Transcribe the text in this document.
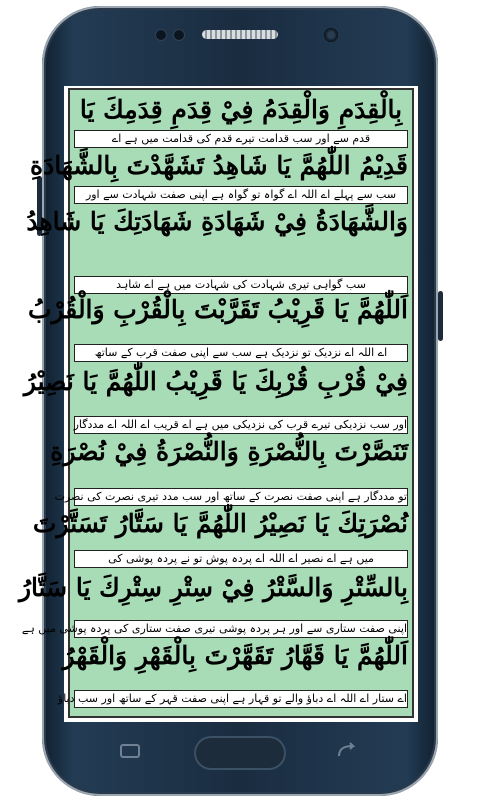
بِالْقِدَمِ وَالْقِدَمُ فِيْ قِدَمِ قِدَمِكَ يَا
قدم سے اور سب قدامت تیرے قدم کی قدامت میں ہے اے
قَدِيْمُ اللّٰهُمَّ يَا شَاهِدُ تَشَهَّدْتَ بِالشَّهَادَةِ
سب سے پہلے اے اللہ اے گواہ تو گواہ ہے اپنی صفت شہادت سے اور
وَالشَّهَادَةُ فِيْ شَهَادَةِ شَهَادَتِكَ يَا شَاهِدُ
سب گواہی تیری شہادت کی شہادت میں ہے اے شاہد
اَللّٰهُمَّ يَا قَرِيْبُ تَقَرَّبْتَ بِالْقُرْبِ وَالْقُرْبُ
اے اللہ اے نزدیک تو نزدیک ہے سب سے اپنی صفت قرب کے ساتھ
فِيْ قُرْبِ قُرْبِكَ يَا قَرِيْبُ اللّٰهُمَّ يَا نَصِيْرُ
اور سب نزدیکی تیرے قرب کی نزدیکی میں ہے اے قریب اے اللہ اے مددگار
تَنَصَّرْتَ بِالنُّصْرَةِ وَالنُّصْرَةُ فِيْ نُصْرَةِ
تو مددگار ہے اپنی صفت نصرت کے ساتھ اور سب مدد تیری نصرت کی نصرت
نُصْرَتِكَ يَا نَصِيْرُ اللّٰهُمَّ يَا سَتَّارُ تَسَتَّرْتَ
میں ہے اے نصیر اے اللہ اے پردہ پوش تو نے پردہ پوشی کی
بِالسِّتْرِ وَالسَّتْرُ فِيْ سِتْرِ سِتْرِكَ يَا سَتَّارُ
اپنی صفت ستاری سے اور ہر پردہ پوشی تیری صفت ستاری کی پردہ پوشی میں ہے
اَللّٰهُمَّ يَا قَهَّارُ تَقَهَّرْتَ بِالْقَهْرِ وَالْقَهْرُ
اے ستار اے اللہ اے دباؤ والے تو قہار ہے اپنی صفت قہر کے ساتھ اور سب دباؤ
